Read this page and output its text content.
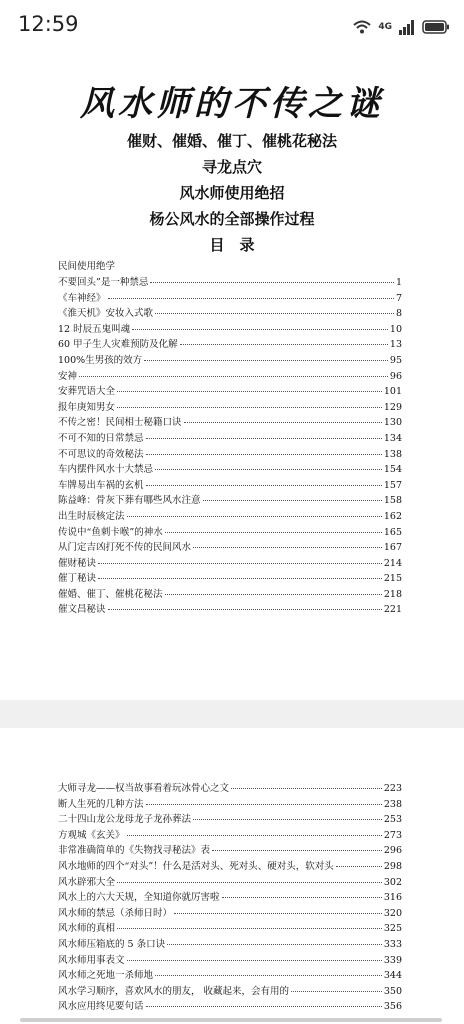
12:59	4G
风水师的不传之谜
催财、催婚、催丁、催桃花秘法
寻龙点穴
风水师使用绝招
杨公风水的全部操作过程
目　录
民间使用绝学
不要回头”是一种禁忌	1
《车神经》	7
《淮天机》安妆入式歌	8
12 时辰五鬼叫魂	10
60 甲子生人灾难预防及化解	13
100%生男孩的效方	95
安神	96
安葬咒语大全	101
报年庚知男女	129
不传之密！民间相士秘籍口诀	130
不可不知的日常禁忌	134
不可思议的奇效秘法	138
车内摆件风水十大禁忌	154
车牌易出车祸的玄机	157
陈益峰：骨灰下葬有哪些风水注意	158
出生时辰核定法	162
传说中“鱼刺卡喉”的神水	165
从门定吉凶打死不传的民间风水	167
催财秘诀	214
催丁秘诀	215
催婚、催丁、催桃花秘法	218
催文昌秘诀	221
大师寻龙——权当故事看着玩冰骨心之文	223
断人生死的几种方法	238
二十四山龙公龙母龙子龙孙葬法	253
方观城《玄关》	273
非常准确简单的《失物找寻秘法》表	296
风水地师的四个“对头”！什么是活对头、死对头、硬对头，软对头	298
风水辟邪大全	302
风水上的六大天规，全知道你就厉害啦	316
风水师的禁忌（杀师日时）	320
风水师的真相	325
风水师压箱底的 5 条口诀	333
风水师用事表文	339
风水师之死地一杀师地	344
风水学习顺序，喜欢风水的朋友， 收藏起来，会有用的	350
风水应用终见要句话	356
